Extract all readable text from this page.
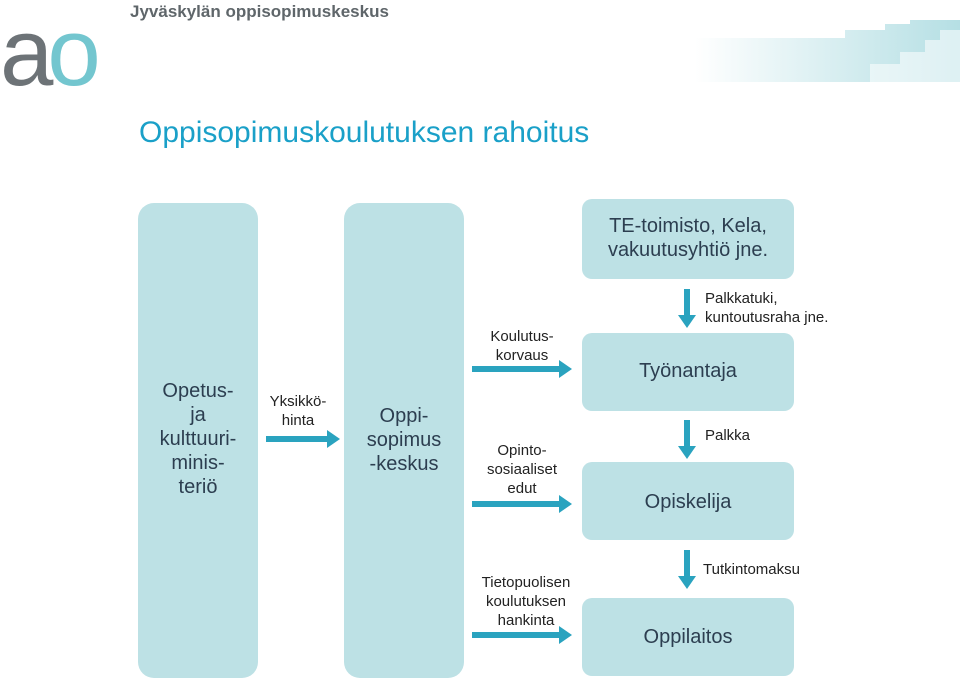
ao Jyväskylän oppisopimuskeskus
Oppisopimuskoulutuksen rahoitus
Opetus-
ja
kulttuuri-
minis-
teriö
Oppi-
sopimus
-keskus
Yksikkö-
hinta
TE-toimisto, Kela,
vakuutusyhtiö jne.
Palkkatuki,
kuntoutusraha jne.
Työnantaja
Koulutus-
korvaus
Palkka
Opiskelija
Opinto-
sosiaaliset
edut
Tietopuolisen
koulutuksen
hankinta
Tutkintomaksu
Oppilaitos
